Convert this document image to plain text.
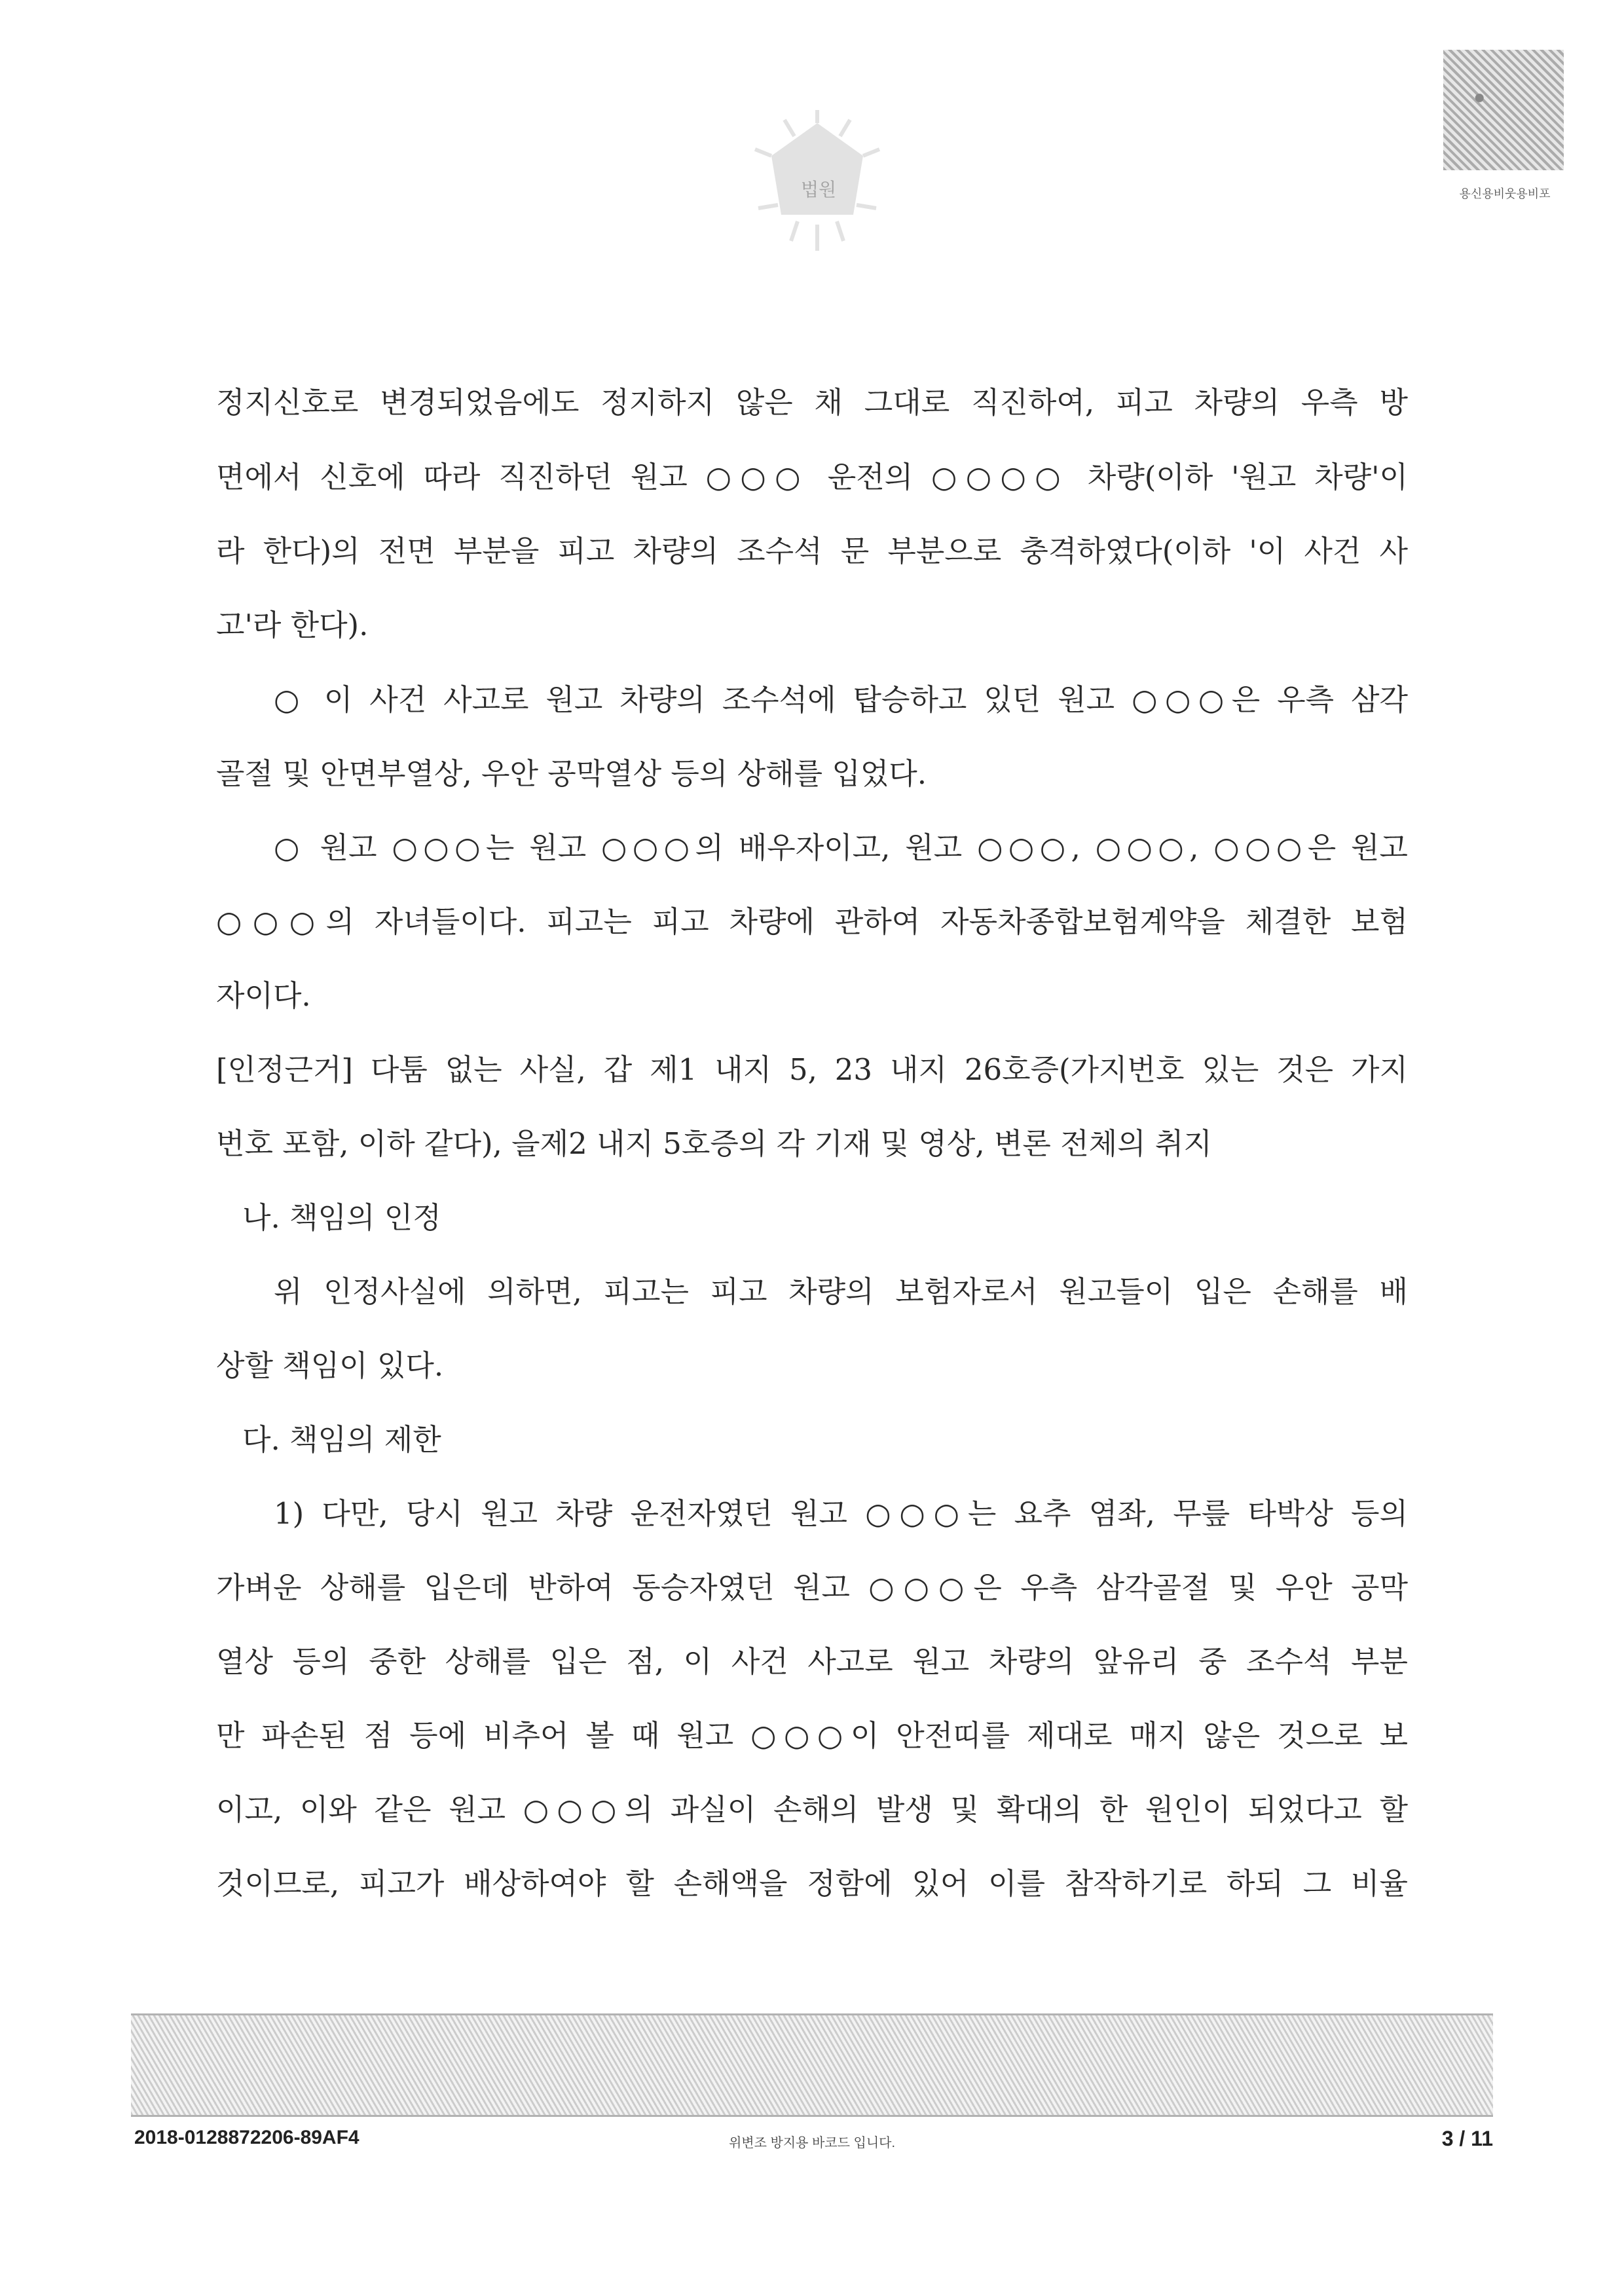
법원	용신용비웃용비포
정지신호로 변경되었음에도 정지하지 않은 채 그대로 직진하여, 피고 차량의 우측 방
면에서 신호에 따라 직진하던 원고 ○○○ 운전의 ○○○○ 차량(이하 '원고 차량'이
라 한다)의 전면 부분을 피고 차량의 조수석 문 부분으로 충격하였다(이하 '이 사건 사
고'라 한다).
○ 이 사건 사고로 원고 차량의 조수석에 탑승하고 있던 원고 ○○○은 우측 삼각
골절 및 안면부열상, 우안 공막열상 등의 상해를 입었다.
○ 원고 ○○○는 원고 ○○○의 배우자이고, 원고 ○○○, ○○○, ○○○은 원고
○○○의 자녀들이다. 피고는 피고 차량에 관하여 자동차종합보험계약을 체결한 보험
자이다.
[인정근거] 다툼 없는 사실, 갑 제1 내지 5, 23 내지 26호증(가지번호 있는 것은 가지
번호 포함, 이하 같다), 을제2 내지 5호증의 각 기재 및 영상, 변론 전체의 취지
나. 책임의 인정
위 인정사실에 의하면, 피고는 피고 차량의 보험자로서 원고들이 입은 손해를 배
상할 책임이 있다.
다. 책임의 제한
1) 다만, 당시 원고 차량 운전자였던 원고 ○○○는 요추 염좌, 무릎 타박상 등의
가벼운 상해를 입은데 반하여 동승자였던 원고 ○○○은 우측 삼각골절 및 우안 공막
열상 등의 중한 상해를 입은 점, 이 사건 사고로 원고 차량의 앞유리 중 조수석 부분
만 파손된 점 등에 비추어 볼 때 원고 ○○○이 안전띠를 제대로 매지 않은 것으로 보
이고, 이와 같은 원고 ○○○의 과실이 손해의 발생 및 확대의 한 원인이 되었다고 할
것이므로, 피고가 배상하여야 할 손해액을 정함에 있어 이를 참작하기로 하되 그 비율
2018-0128872206-89AF4	위변조 방지용 바코드 입니다.	3 / 11
